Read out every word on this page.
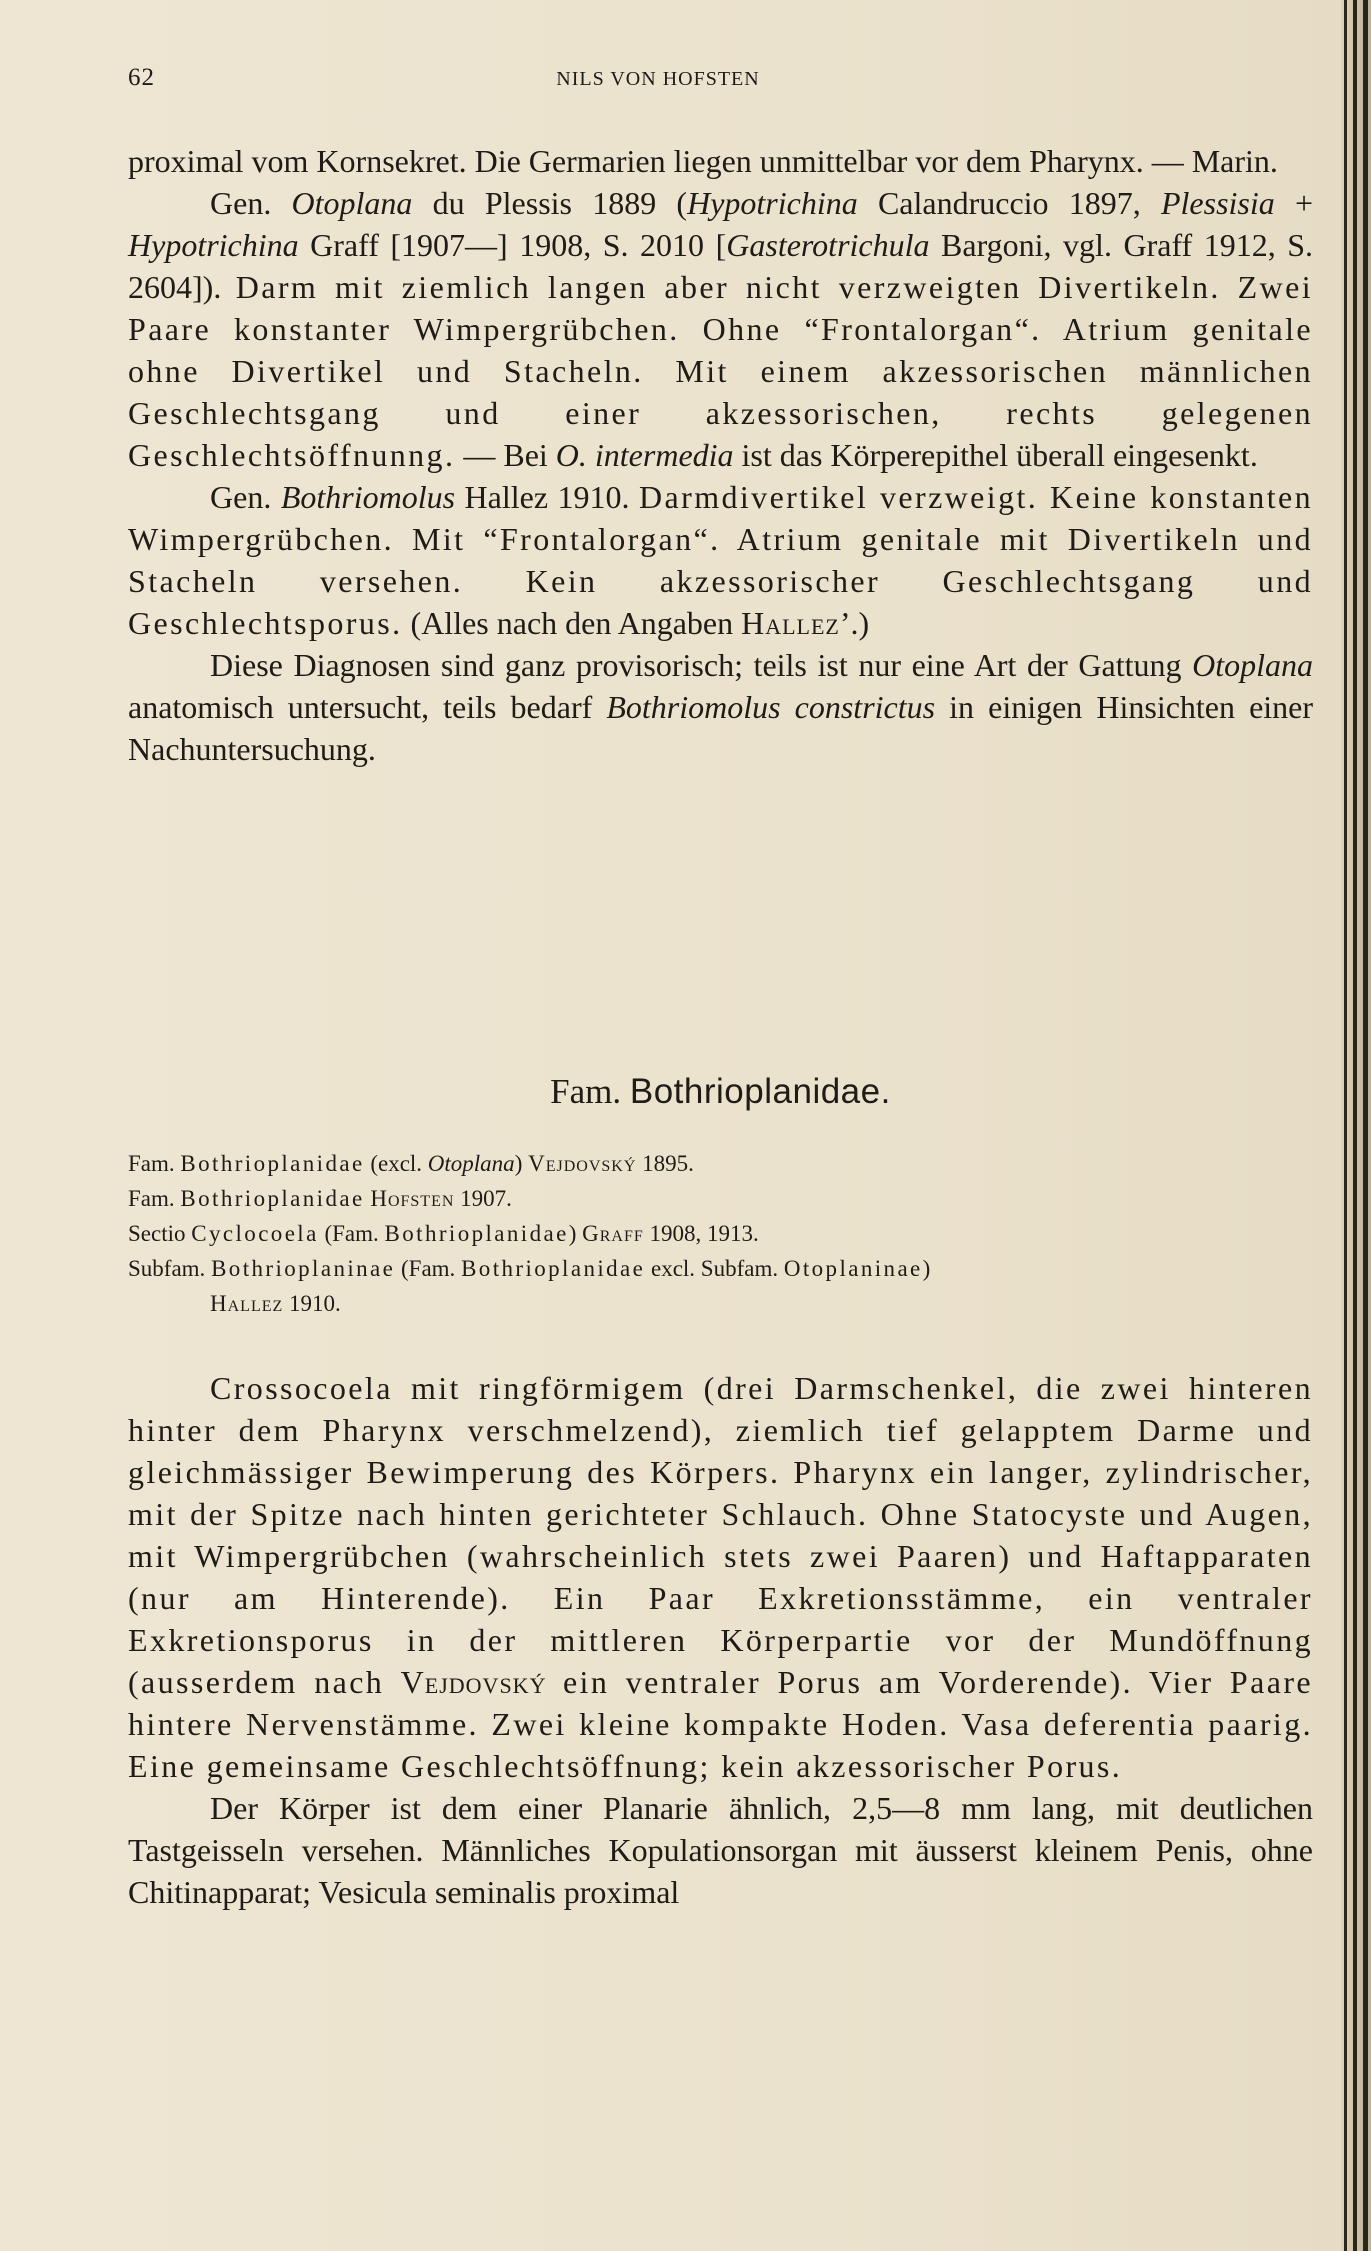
62	NILS VON HOFSTEN

proximal vom Kornsekret. Die Germarien liegen unmittelbar vor dem Pharynx. — Marin.

Gen. Otoplana du Plessis 1889 (Hypotrichina Calandruccio 1897, Plessisia + Hypotrichina Graff [1907—] 1908, S. 2010 [Gasterotrichula Bargoni, vgl. Graff 1912, S. 2604]). Darm mit ziemlich langen aber nicht verzweigten Divertikeln. Zwei Paare konstanter Wimpergrübchen. Ohne “Frontalorgan“. Atrium genitale ohne Divertikel und Stacheln. Mit einem akzessorischen männlichen Geschlechtsgang und einer akzessorischen, rechts gelegenen Geschlechtsöffnunng. — Bei O. intermedia ist das Körperepithel überall eingesenkt.

Gen. Bothriomolus Hallez 1910. Darmdivertikel verzweigt. Keine konstanten Wimpergrübchen. Mit “Frontalorgan“. Atrium genitale mit Divertikeln und Stacheln versehen. Kein akzessorischer Geschlechtsgang und Geschlechtsporus. (Alles nach den Angaben Hallez’.)

Diese Diagnosen sind ganz provisorisch; teils ist nur eine Art der Gattung Otoplana anatomisch untersucht, teils bedarf Bothriomolus constrictus in einigen Hinsichten einer Nachuntersuchung.

Fam. Bothrioplanidae.
Fam. Bothrioplanidae (excl. Otoplana) Vejdovský 1895.
Fam. Bothrioplanidae Hofsten 1907.
Sectio Cyclocoela (Fam. Bothrioplanidae) Graff 1908, 1913.
Subfam. Bothrioplaninae (Fam. Bothrioplanidae excl. Subfam. Otoplaninae)
Hallez 1910.

Crossocoela mit ringförmigem (drei Darmschenkel, die zwei hinteren hinter dem Pharynx verschmelzend), ziemlich tief gelapptem Darme und gleichmässiger Bewimperung des Körpers. Pharynx ein langer, zylindrischer, mit der Spitze nach hinten gerichteter Schlauch. Ohne Statocyste und Augen, mit Wimpergrübchen (wahrscheinlich stets zwei Paaren) und Haftapparaten (nur am Hinterende). Ein Paar Exkretionsstämme, ein ventraler Exkretionsporus in der mittleren Körperpartie vor der Mundöffnung (ausserdem nach Vejdovský ein ventraler Porus am Vorderende). Vier Paare hintere Nervenstämme. Zwei kleine kompakte Hoden. Vasa deferentia paarig. Eine gemeinsame Geschlechtsöffnung; kein akzessorischer Porus.

Der Körper ist dem einer Planarie ähnlich, 2,5—8 mm lang, mit deutlichen Tastgeisseln versehen. Männliches Kopulationsorgan mit äusserst kleinem Penis, ohne Chitinapparat; Vesicula seminalis proximal
